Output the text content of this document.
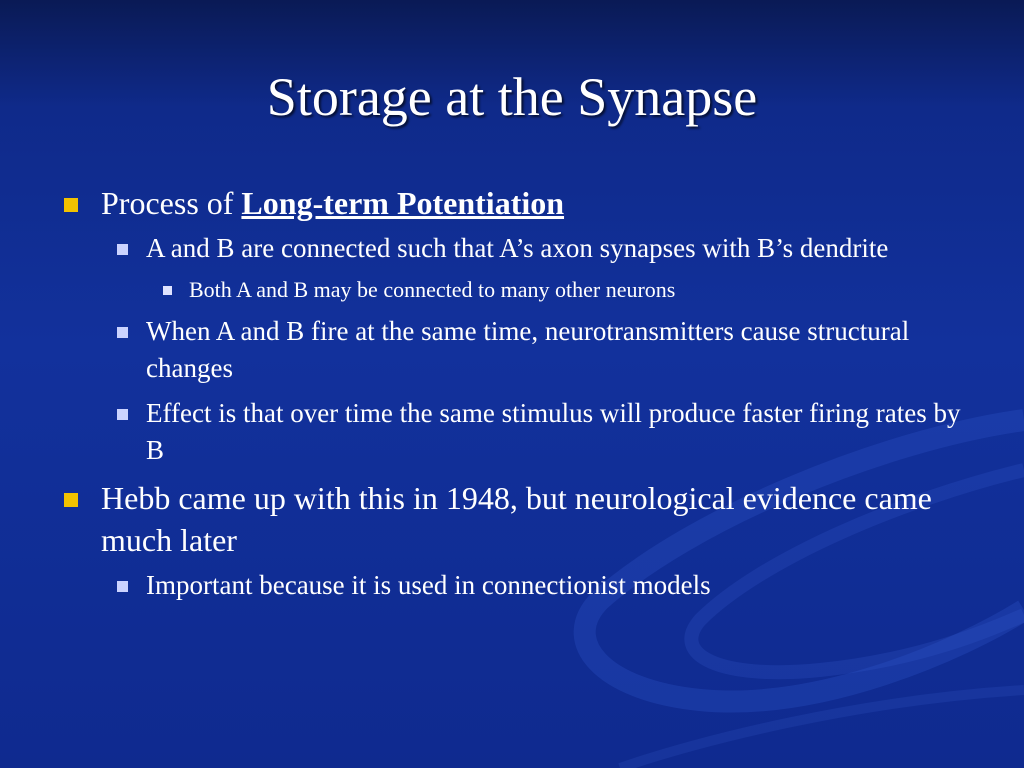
Storage at the Synapse
Process of Long-term Potentiation
A and B are connected such that A’s axon synapses with B’s dendrite
Both A and B may be connected to many other neurons
When A and B fire at the same time, neurotransmitters cause structural changes
Effect is that over time the same stimulus will produce faster firing rates by B
Hebb came up with this in 1948, but neurological evidence came much later
Important because it is used in connectionist models
